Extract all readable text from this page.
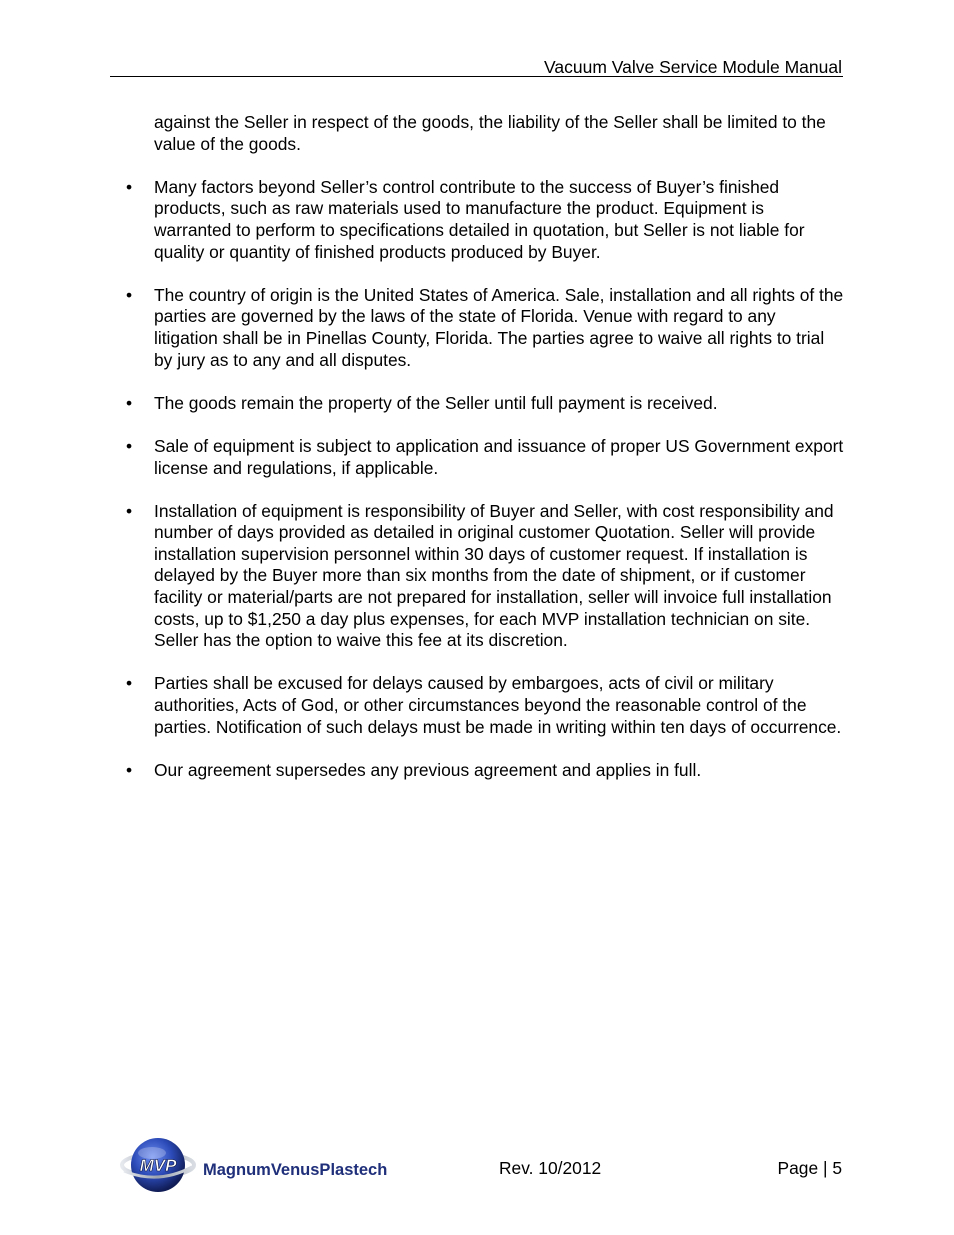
Vacuum Valve Service Module Manual

against the Seller in respect of the goods, the liability of the Seller shall be limited to the value of the goods.

• Many factors beyond Seller’s control contribute to the success of Buyer’s finished products, such as raw materials used to manufacture the product. Equipment is warranted to perform to specifications detailed in quotation, but Seller is not liable for quality or quantity of finished products produced by Buyer.
• The country of origin is the United States of America. Sale, installation and all rights of the parties are governed by the laws of the state of Florida. Venue with regard to any litigation shall be in Pinellas County, Florida. The parties agree to waive all rights to trial by jury as to any and all disputes.
• The goods remain the property of the Seller until full payment is received.
• Sale of equipment is subject to application and issuance of proper US Government export license and regulations, if applicable.
• Installation of equipment is responsibility of Buyer and Seller, with cost responsibility and number of days provided as detailed in original customer Quotation. Seller will provide installation supervision personnel within 30 days of customer request. If installation is delayed by the Buyer more than six months from the date of shipment, or if customer facility or material/parts are not prepared for installation, seller will invoice full installation costs, up to $1,250 a day plus expenses, for each MVP installation technician on site. Seller has the option to waive this fee at its discretion.
• Parties shall be excused for delays caused by embargoes, acts of civil or military authorities, Acts of God, or other circumstances beyond the reasonable control of the parties. Notification of such delays must be made in writing within ten days of occurrence.
• Our agreement supersedes any previous agreement and applies in full.
MVP MagnumVenusPlastech	Rev. 10/2012	Page | 5
